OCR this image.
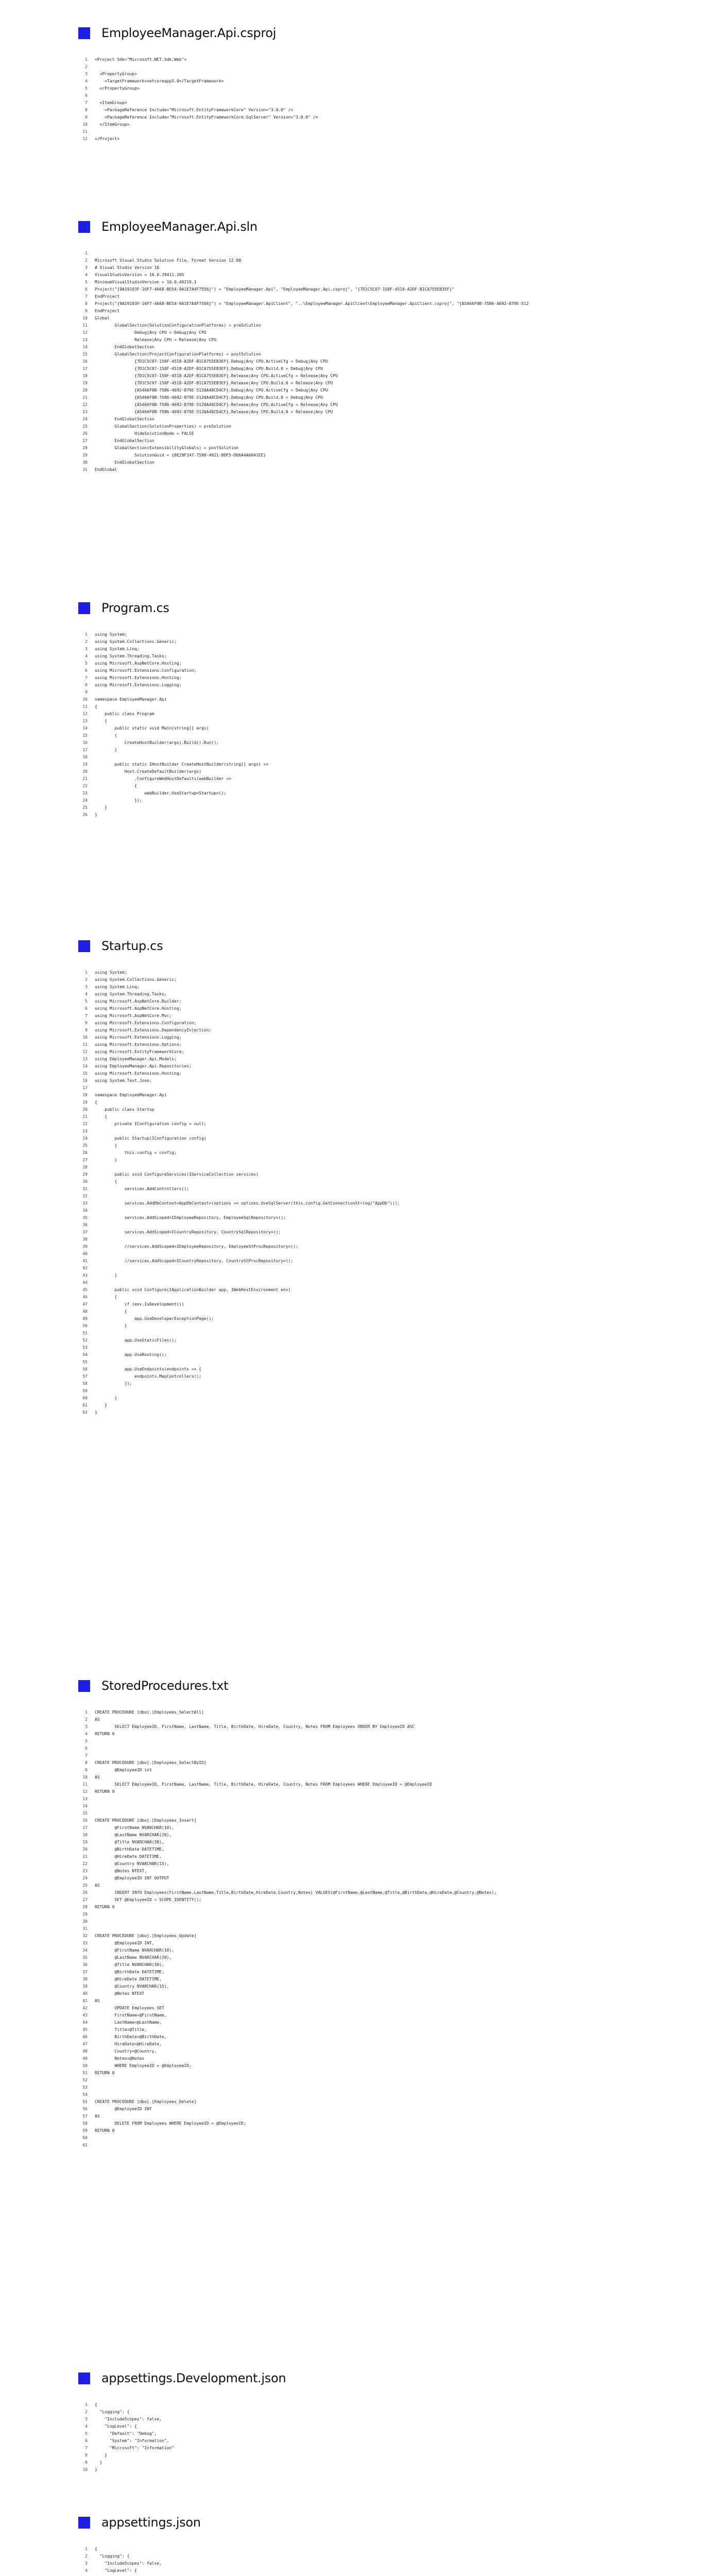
EmployeeManager.Api.csproj
1 <Project Sdk="Microsoft.NET.Sdk.Web">
2
3 <PropertyGroup>
4 <TargetFramework>netcoreapp3.0</TargetFramework>
5 </PropertyGroup>
6
7 <ItemGroup>
8 <PackageReference Include="Microsoft.EntityFrameworkCore" Version="3.0.0" />
9 <PackageReference Include="Microsoft.EntityFrameworkCore.SqlServer" Version="3.0.0" />
10 </ItemGroup>
11
12 </Project>
EmployeeManager.Api.sln
1
2 Microsoft Visual Studio Solution File, Format Version 12.00
3 # Visual Studio Version 16
4 VisualStudioVersion = 16.0.29411.205
5 MinimumVisualStudioVersion = 10.0.40219.1
6 Project("{9A19103F-16F7-4668-BE54-9A1E7A4F7556}") = "EmployeeManager.Api", "EmployeeManager.Api.csproj", "{7D1C5C07-150F-4518-A2DF-B1CA755EB3EF}"
7 EndProject
8 Project("{9A19103F-16F7-4668-BE54-9A1E7A4F7556}") = "EmployeeManager.ApiClient", "..\EmployeeManager.ApiClient\EmployeeManager.ApiClient.csproj", "{A5466F0B-7586-4692-879E-512
9 EndProject
10 Global
11 GlobalSection(SolutionConfigurationPlatforms) = preSolution
12 Debug|Any CPU = Debug|Any CPU
13 Release|Any CPU = Release|Any CPU
14 EndGlobalSection
15 GlobalSection(ProjectConfigurationPlatforms) = postSolution
16 {7D1C5C07-150F-4518-A2DF-B1CA755EB3EF}.Debug|Any CPU.ActiveCfg = Debug|Any CPU
17 {7D1C5C07-150F-4518-A2DF-B1CA755EB3EF}.Debug|Any CPU.Build.0 = Debug|Any CPU
18 {7D1C5C07-150F-4518-A2DF-B1CA755EB3EF}.Release|Any CPU.ActiveCfg = Release|Any CPU
19 {7D1C5C07-150F-4518-A2DF-B1CA755EB3EF}.Release|Any CPU.Build.0 = Release|Any CPU
20 {A5466F0B-7586-4692-879E-5120A48CD4CF}.Debug|Any CPU.ActiveCfg = Debug|Any CPU
21 {A5466F0B-7586-4692-879E-5120A48CD4CF}.Debug|Any CPU.Build.0 = Debug|Any CPU
22 {A5466F0B-7586-4692-879E-5120A48CD4CF}.Release|Any CPU.ActiveCfg = Release|Any CPU
23 {A5466F0B-7586-4692-879E-5120A48CD4CF}.Release|Any CPU.Build.0 = Release|Any CPU
24 EndGlobalSection
25 GlobalSection(SolutionProperties) = preSolution
26 HideSolutionNode = FALSE
27 EndGlobalSection
28 GlobalSection(ExtensibilityGlobals) = postSolution
29 SolutionGuid = {0E29F247-7590-4021-8DF5-D66A4A6041EE}
30 EndGlobalSection
31 EndGlobal
Program.cs
1 using System;
2 using System.Collections.Generic;
3 using System.Linq;
4 using System.Threading.Tasks;
5 using Microsoft.AspNetCore.Hosting;
6 using Microsoft.Extensions.Configuration;
7 using Microsoft.Extensions.Hosting;
8 using Microsoft.Extensions.Logging;
9
10 namespace EmployeeManager.Api
11 {
12 public class Program
13 {
14 public static void Main(string[] args)
15 {
16 CreateHostBuilder(args).Build().Run();
17 }
18
19 public static IHostBuilder CreateHostBuilder(string[] args) =>
20 Host.CreateDefaultBuilder(args)
21 .ConfigureWebHostDefaults(webBuilder =>
22 {
23 webBuilder.UseStartup<Startup>();
24 });
25 }
26 }
Startup.cs
1 using System;
2 using System.Collections.Generic;
3 using System.Linq;
4 using System.Threading.Tasks;
5 using Microsoft.AspNetCore.Builder;
6 using Microsoft.AspNetCore.Hosting;
7 using Microsoft.AspNetCore.Mvc;
8 using Microsoft.Extensions.Configuration;
9 using Microsoft.Extensions.DependencyInjection;
10 using Microsoft.Extensions.Logging;
11 using Microsoft.Extensions.Options;
12 using Microsoft.EntityFrameworkCore;
13 using EmployeeManager.Api.Models;
14 using EmployeeManager.Api.Repositories;
15 using Microsoft.Extensions.Hosting;
16 using System.Text.Json;
17
18 namespace EmployeeManager.Api
19 {
20 public class Startup
21 {
22 private IConfiguration config = null;
23
24 public Startup(IConfiguration config)
25 {
26 this.config = config;
27 }
28
29 public void ConfigureServices(IServiceCollection services)
30 {
31 services.AddControllers();
32
33 services.AddDbContext<AppDbContext>(options => options.UseSqlServer(this.config.GetConnectionString("AppDb")));
34
35 services.AddScoped<IEmployeeRepository, EmployeeSqlRepository>();
36
37 services.AddScoped<ICountryRepository, CountrySqlRepository>();
38
39 //services.AddScoped<IEmployeeRepository, EmployeeStProcRepository>();
40
41 //services.AddScoped<ICountryRepository, CountryStProcRepository>();
42
43 }
44
45 public void Configure(IApplicationBuilder app, IWebHostEnvironment env)
46 {
47 if (env.IsDevelopment())
48 {
49 app.UseDeveloperExceptionPage();
50 }
51
52 app.UseStaticFiles();
53
54 app.UseRouting();
55
56 app.UseEndpoints(endpoints => {
57 endpoints.MapControllers();
58 });
59
60 }
61 }
62 }
StoredProcedures.txt
1 CREATE PROCEDURE [dbo].[Employees_SelectAll]
2 AS
3 SELECT EmployeeID, FirstName, LastName, Title, BirthDate, HireDate, Country, Notes FROM Employees ORDER BY EmployeeID ASC
4 RETURN 0
5
6
7
8 CREATE PROCEDURE [dbo].[Employees_SelectByID]
9 @EmployeeID int
10 AS
11 SELECT EmployeeID, FirstName, LastName, Title, BirthDate, HireDate, Country, Notes FROM Employees WHERE EmployeeID = @EmployeeID
12 RETURN 0
13
14
15
16 CREATE PROCEDURE [dbo].[Employees_Insert]
17 @FirstName NVARCHAR(10),
18 @LastName NVARCHAR(20),
19 @Title NVARCHAR(30),
20 @BirthDate DATETIME,
21 @HireDate DATETIME,
22 @Country NVARCHAR(15),
23 @Notes NTEXT,
24 @EmployeeID INT OUTPUT
25 AS
26 INSERT INTO Employees(FirstName,LastName,Title,BirthDate,HireDate,Country,Notes) VALUES(@FirstName,@LastName,@Title,@BirthDate,@HireDate,@Country,@Notes);
27 SET @EmployeeID = SCOPE_IDENTITY();
28 RETURN 0
29
30
31
32 CREATE PROCEDURE [dbo].[Employees_Update]
33 @EmployeeID INT,
34 @FirstName NVARCHAR(10),
35 @LastName NVARCHAR(20),
36 @Title NVARCHAR(30),
37 @BirthDate DATETIME,
38 @HireDate DATETIME,
39 @Country NVARCHAR(15),
40 @Notes NTEXT
41 AS
42 UPDATE Employees SET
43 FirstName=@FirstName,
44 LastName=@LastName,
45 Title=@Title,
46 BirthDate=@BirthDate,
47 HireDate=@HireDate,
48 Country=@Country,
49 Notes=@Notes
50 WHERE EmployeeID = @EmployeeID;
51 RETURN 0
52
53
54
55 CREATE PROCEDURE [dbo].[Employees_Delete]
56 @EmployeeID INT
57 AS
58 DELETE FROM Employees WHERE EmployeeID = @EmployeeID;
59 RETURN 0
60
61
appsettings.Development.json
1 {
2 "Logging": {
3 "IncludeScopes": false,
4 "LogLevel": {
5 "Default": "Debug",
6 "System": "Information",
7 "Microsoft": "Information"
8 }
9 }
10 }
appsettings.json
1 {
2 "Logging": {
3 "IncludeScopes": false,
4 "LogLevel": {
